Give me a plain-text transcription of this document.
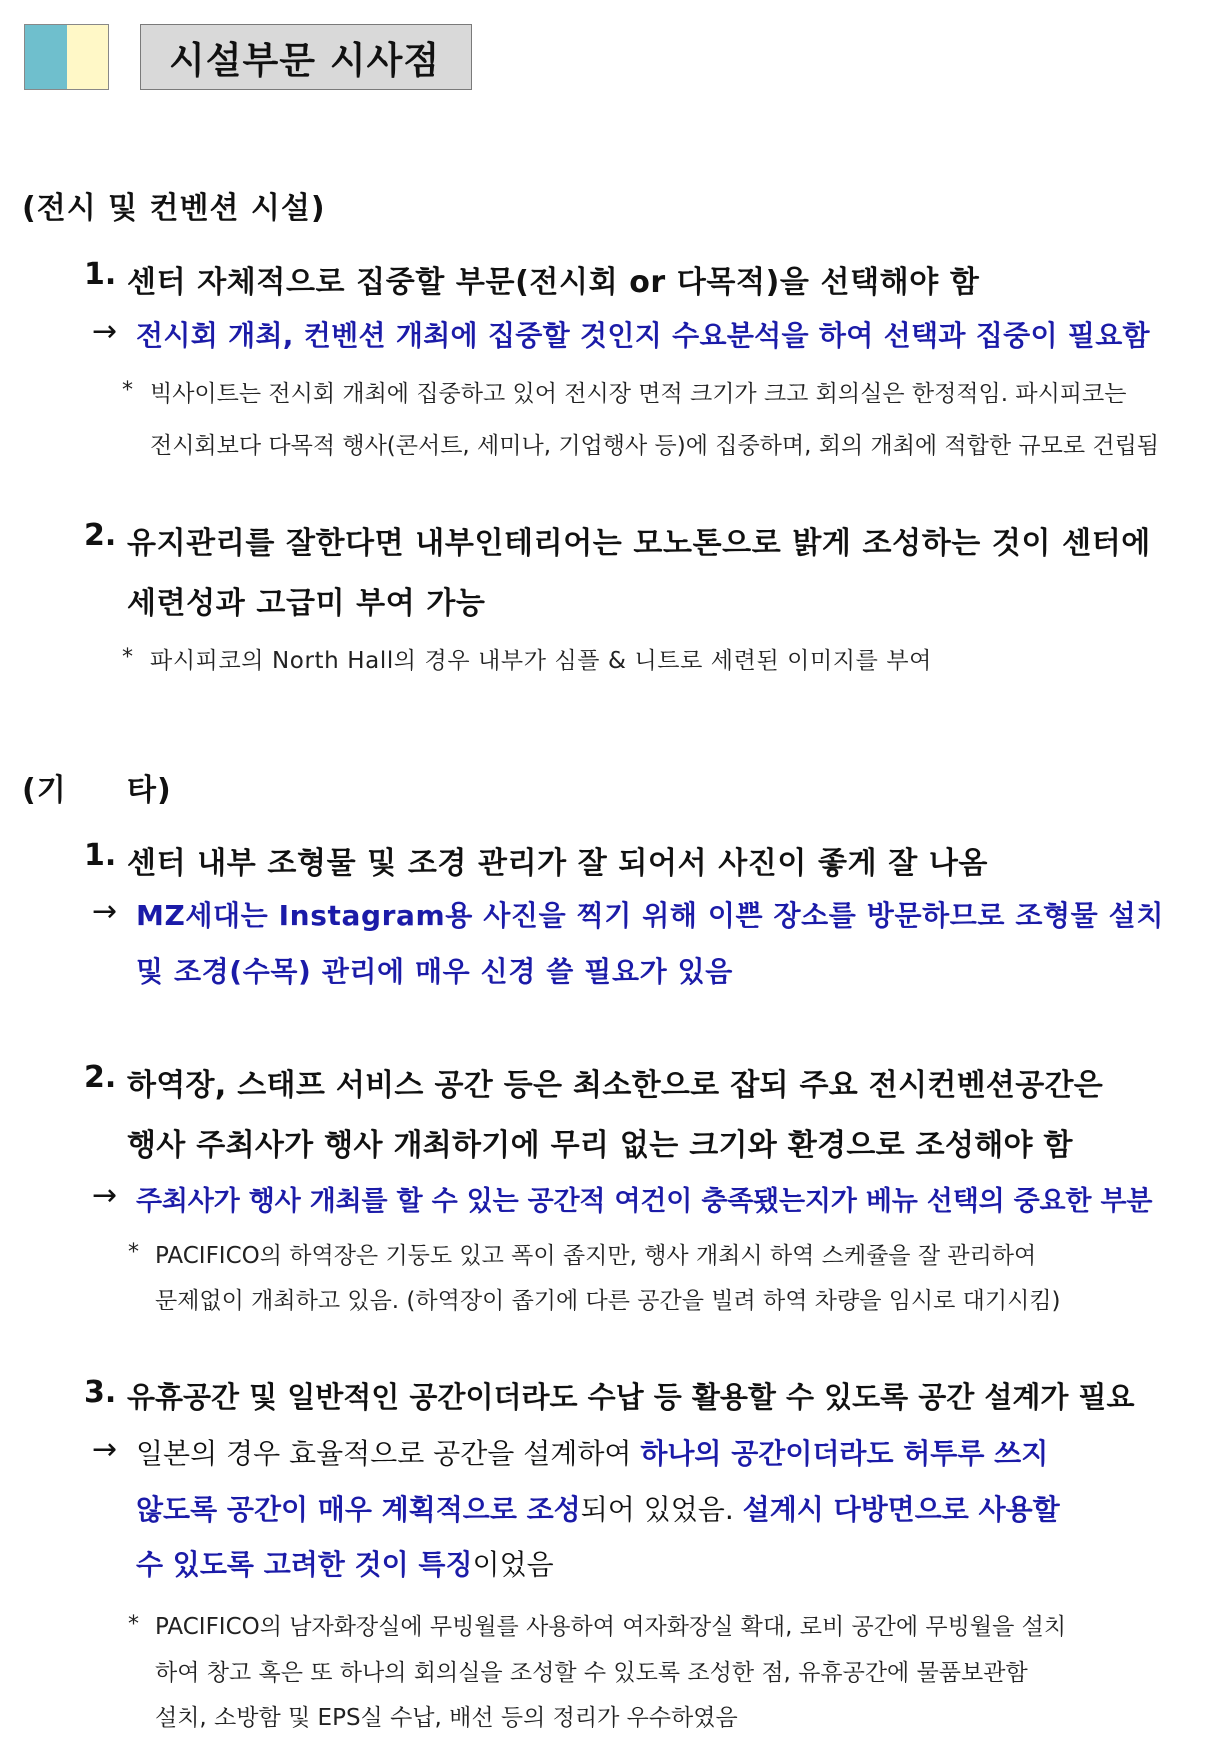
시설부문 시사점
(전시 및 컨벤션 시설)
1. 센터 자체적으로 집중할 부문(전시회 or 다목적)을 선택해야 함
→ 전시회 개최, 컨벤션 개최에 집중할 것인지 수요분석을 하여 선택과 집중이 필요함
* 빅사이트는 전시회 개최에 집중하고 있어 전시장 면적 크기가 크고 회의실은 한정적임. 파시피코는
전시회보다 다목적 행사(콘서트, 세미나, 기업행사 등)에 집중하며, 회의 개최에 적합한 규모로 건립됨
2. 유지관리를 잘한다면 내부인테리어는 모노톤으로 밝게 조성하는 것이 센터에
세련성과 고급미 부여 가능
* 파시피코의 North Hall의 경우 내부가 심플 & 니트로 세련된 이미지를 부여
(기 타)
1. 센터 내부 조형물 및 조경 관리가 잘 되어서 사진이 좋게 잘 나옴
→ MZ세대는 Instagram용 사진을 찍기 위해 이쁜 장소를 방문하므로 조형물 설치
및 조경(수목) 관리에 매우 신경 쓸 필요가 있음
2. 하역장, 스태프 서비스 공간 등은 최소한으로 잡되 주요 전시컨벤션공간은
행사 주최사가 행사 개최하기에 무리 없는 크기와 환경으로 조성해야 함
→ 주최사가 행사 개최를 할 수 있는 공간적 여건이 충족됐는지가 베뉴 선택의 중요한 부분
* PACIFICO의 하역장은 기둥도 있고 폭이 좁지만, 행사 개최시 하역 스케쥴을 잘 관리하여
문제없이 개최하고 있음. (하역장이 좁기에 다른 공간을 빌려 하역 차량을 임시로 대기시킴)
3. 유휴공간 및 일반적인 공간이더라도 수납 등 활용할 수 있도록 공간 설계가 필요
→ 일본의 경우 효율적으로 공간을 설계하여 하나의 공간이더라도 허투루 쓰지
않도록 공간이 매우 계획적으로 조성되어 있었음. 설계시 다방면으로 사용할
수 있도록 고려한 것이 특징이었음
* PACIFICO의 남자화장실에 무빙월를 사용하여 여자화장실 확대, 로비 공간에 무빙월을 설치
하여 창고 혹은 또 하나의 회의실을 조성할 수 있도록 조성한 점, 유휴공간에 물품보관함
설치, 소방함 및 EPS실 수납, 배선 등의 정리가 우수하였음
